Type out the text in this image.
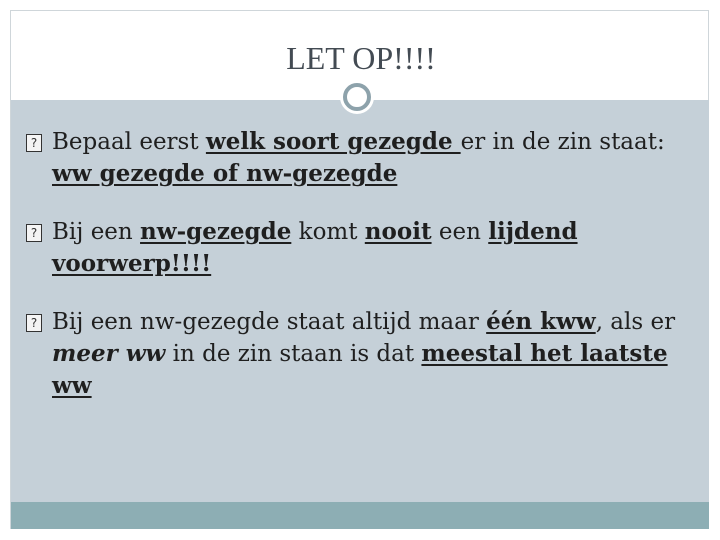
LET OP!!!!

? Bepaal eerst welk soort gezegde er in de zin staat: ww gezegde of nw-gezegde

? Bij een nw-gezegde komt nooit een lijdend voorwerp!!!!

? Bij een nw-gezegde staat altijd maar één kww, als er meer ww in de zin staan is dat meestal het laatste ww
